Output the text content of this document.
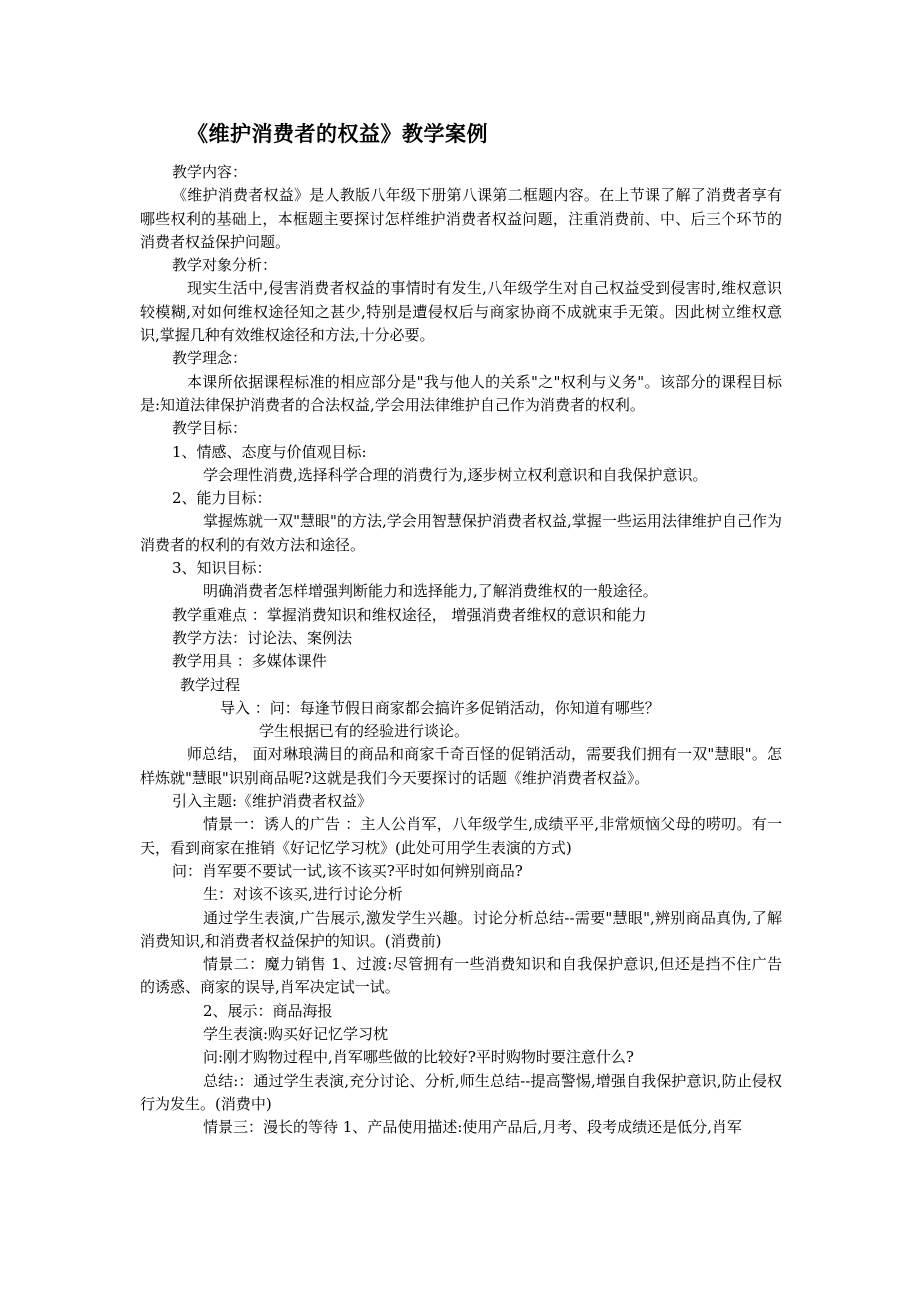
《维护消费者的权益》教学案例
教学内容：
《维护消费者权益》是人教版八年级下册第八课第二框题内容。在上节课了解了消费者享有哪些权利的基础上，本框题主要探讨怎样维护消费者权益问题，注重消费前、中、后三个环节的消费者权益保护问题。
教学对象分析：
现实生活中,侵害消费者权益的事情时有发生,八年级学生对自己权益受到侵害时,维权意识较模糊,对如何维权途径知之甚少,特别是遭侵权后与商家协商不成就束手无策。因此树立维权意识,掌握几种有效维权途径和方法,十分必要。
教学理念：
本课所依据课程标准的相应部分是"我与他人的关系"之"权利与义务"。该部分的课程目标是:知道法律保护消费者的合法权益,学会用法律维护自己作为消费者的权利。
教学目标：
1、情感、态度与价值观目标:
学会理性消费,选择科学合理的消费行为,逐步树立权利意识和自我保护意识。
2、能力目标：
掌握炼就一双"慧眼"的方法,学会用智慧保护消费者权益,掌握一些运用法律维护自己作为消费者的权利的有效方法和途径。
3、知识目标：
明确消费者怎样增强判断能力和选择能力,了解消费维权的一般途径。
教学重难点 ：掌握消费知识和维权途径， 增强消费者维权的意识和能力
教学方法：讨论法、案例法
教学用具 ：多媒体课件
教学过程
导入 ：问：每逢节假日商家都会搞许多促销活动，你知道有哪些？
学生根据已有的经验进行谈论。
师总结， 面对琳琅满目的商品和商家千奇百怪的促销活动，需要我们拥有一双"慧眼"。怎样炼就"慧眼"识别商品呢?这就是我们今天要探讨的话题《维护消费者权益》。
引入主题:《维护消费者权益》
情景一：诱人的广告 ：主人公肖军，八年级学生,成绩平平,非常烦恼父母的唠叨。有一天，看到商家在推销《好记忆学习枕》(此处可用学生表演的方式)
问：肖军要不要试一试,该不该买?平时如何辨别商品?
生：对该不该买,进行讨论分析
通过学生表演,广告展示,激发学生兴趣。讨论分析总结--需要"慧眼",辨别商品真伪,了解消费知识,和消费者权益保护的知识。(消费前)
情景二：魔力销售 1、过渡:尽管拥有一些消费知识和自我保护意识,但还是挡不住广告的诱惑、商家的误导,肖军决定试一试。
2、展示：商品海报
学生表演:购买好记忆学习枕
问:刚才购物过程中,肖军哪些做的比较好?平时购物时要注意什么?
总结:：通过学生表演,充分讨论、分析,师生总结--提高警惕,增强自我保护意识,防止侵权行为发生。(消费中)
情景三：漫长的等待 1、产品使用描述:使用产品后,月考、段考成绩还是低分,肖军
